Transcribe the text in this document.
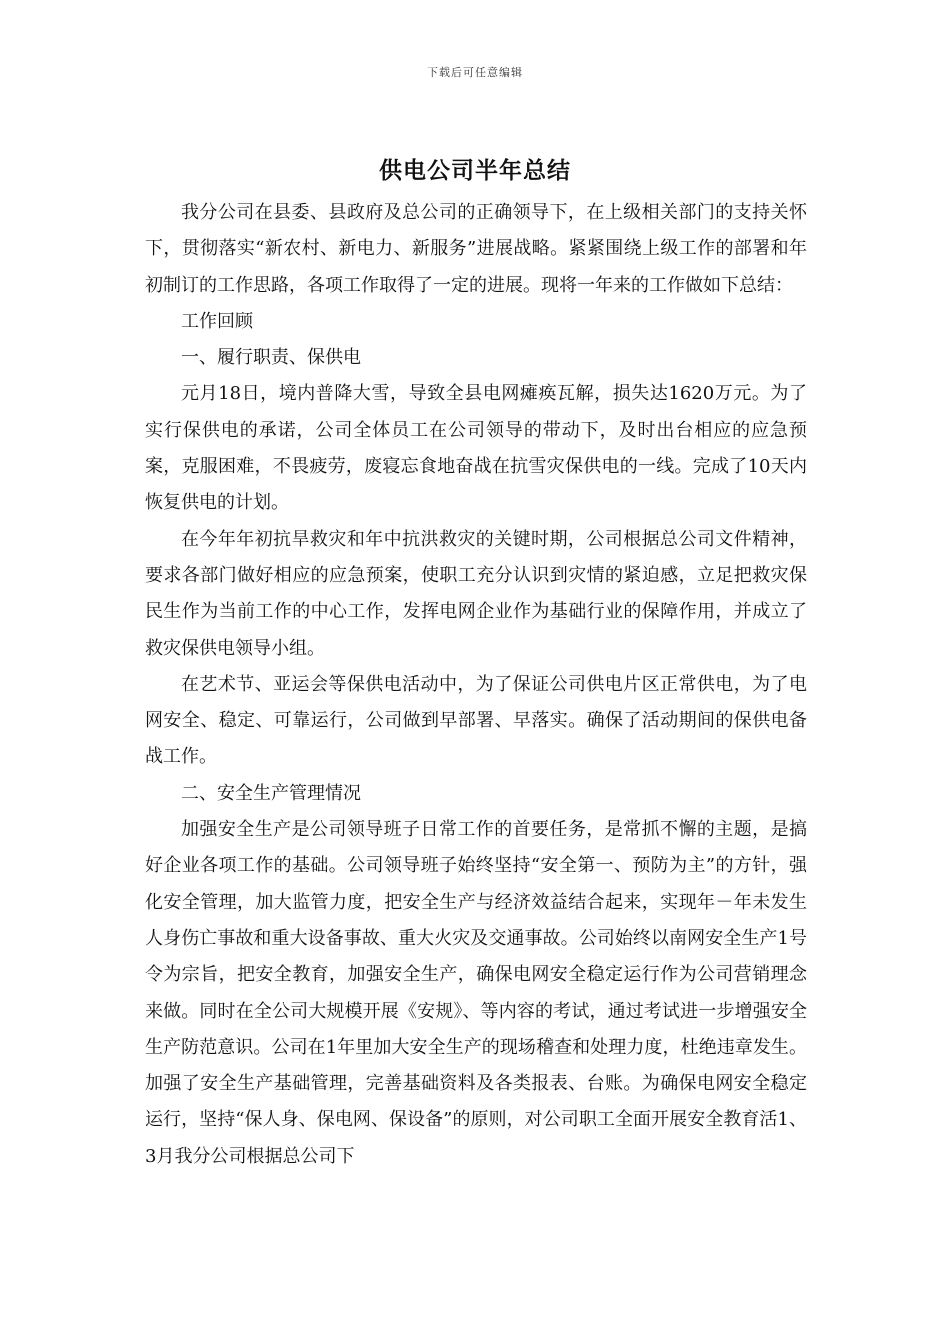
下载后可任意编辑
供电公司半年总结

我分公司在县委、县政府及总公司的正确领导下，在上级相关部门的支持关怀下，贯彻落实“新农村、新电力、新服务”进展战略。紧紧围绕上级工作的部署和年初制订的工作思路，各项工作取得了一定的进展。现将一年来的工作做如下总结：

工作回顾

一、履行职责、保供电

元月18日，境内普降大雪，导致全县电网瘫痪瓦解，损失达1620万元。为了实行保供电的承诺，公司全体员工在公司领导的带动下，及时出台相应的应急预案，克服困难，不畏疲劳，废寝忘食地奋战在抗雪灾保供电的一线。完成了10天内恢复供电的计划。

在今年年初抗旱救灾和年中抗洪救灾的关键时期，公司根据总公司文件精神，要求各部门做好相应的应急预案，使职工充分认识到灾情的紧迫感，立足把救灾保民生作为当前工作的中心工作，发挥电网企业作为基础行业的保障作用，并成立了救灾保供电领导小组。

在艺术节、亚运会等保供电活动中，为了保证公司供电片区正常供电，为了电网安全、稳定、可靠运行，公司做到早部署、早落实。确保了活动期间的保供电备战工作。

二、安全生产管理情况

加强安全生产是公司领导班子日常工作的首要任务，是常抓不懈的主题，是搞好企业各项工作的基础。公司领导班子始终坚持“安全第一、预防为主”的方针，强化安全管理，加大监管力度，把安全生产与经济效益结合起来，实现年－年未发生人身伤亡事故和重大设备事故、重大火灾及交通事故。公司始终以南网安全生产1号令为宗旨，把安全教育，加强安全生产，确保电网安全稳定运行作为公司营销理念来做。同时在全公司大规模开展《安规》、等内容的考试，通过考试进一步增强安全生产防范意识。公司在1年里加大安全生产的现场稽查和处理力度，杜绝违章发生。加强了安全生产基础管理，完善基础资料及各类报表、台账。为确保电网安全稳定运行，坚持“保人身、保电网、保设备”的原则，对公司职工全面开展安全教育活1、3月我分公司根据总公司下
